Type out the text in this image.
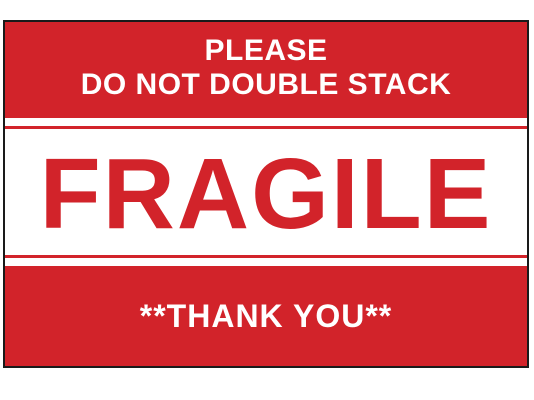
PLEASE
DO NOT DOUBLE STACK
FRAGILE
**THANK YOU**
